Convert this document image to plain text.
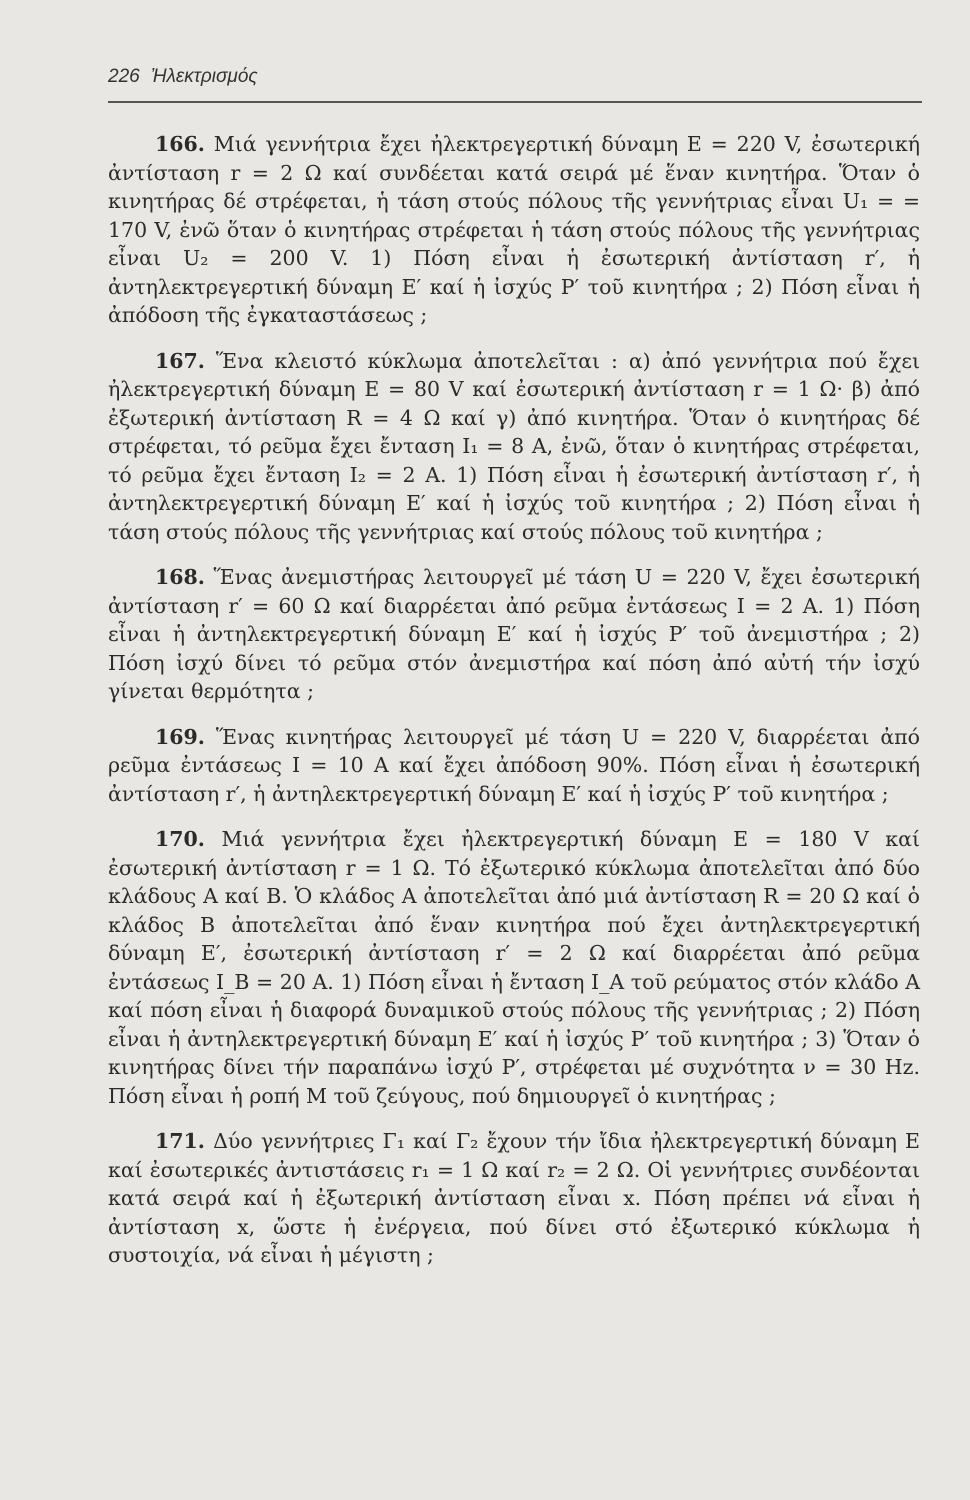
226 Ἠλεκτρισμός

166. Μιά γεννήτρια ἔχει ἠλεκτρεγερτική δύναμη E = 220 V, ἐσωτερική ἀντίσταση r = 2 Ω καί συνδέεται κατά σειρά μέ ἕναν κινητήρα. Ὅταν ὁ κινητήρας δέ στρέφεται, ἡ τάση στούς πόλους τῆς γεννήτριας εἶναι U₁ = = 170 V, ἐνῶ ὅταν ὁ κινητήρας στρέφεται ἡ τάση στούς πόλους τῆς γεννήτριας εἶναι U₂ = 200 V. 1) Πόση εἶναι ἡ ἐσωτερική ἀντίσταση r′, ἡ ἀντηλεκτρεγερτική δύναμη E′ καί ἡ ἰσχύς P′ τοῦ κινητήρα ; 2) Πόση εἶναι ἡ ἀπόδοση τῆς ἐγκαταστάσεως ;

167. Ἕνα κλειστό κύκλωμα ἀποτελεῖται : α) ἀπό γεννήτρια πού ἔχει ἠλεκτρεγερτική δύναμη E = 80 V καί ἐσωτερική ἀντίσταση r = 1 Ω· β) ἀπό ἐξωτερική ἀντίσταση R = 4 Ω καί γ) ἀπό κινητήρα. Ὅταν ὁ κινητήρας δέ στρέφεται, τό ρεῦμα ἔχει ἔνταση I₁ = 8 A, ἐνῶ, ὅταν ὁ κινητήρας στρέφεται, τό ρεῦμα ἔχει ἔνταση I₂ = 2 A. 1) Πόση εἶναι ἡ ἐσωτερική ἀντίσταση r′, ἡ ἀντηλεκτρεγερτική δύναμη E′ καί ἡ ἰσχύς τοῦ κινητήρα ; 2) Πόση εἶναι ἡ τάση στούς πόλους τῆς γεννήτριας καί στούς πόλους τοῦ κινητήρα ;

168. Ἕνας ἀνεμιστήρας λειτουργεῖ μέ τάση U = 220 V, ἔχει ἐσωτερική ἀντίσταση r′ = 60 Ω καί διαρρέεται ἀπό ρεῦμα ἐντάσεως I = 2 A. 1) Πόση εἶναι ἡ ἀντηλεκτρεγερτική δύναμη E′ καί ἡ ἰσχύς P′ τοῦ ἀνεμιστήρα ; 2) Πόση ἰσχύ δίνει τό ρεῦμα στόν ἀνεμιστήρα καί πόση ἀπό αὐτή τήν ἰσχύ γίνεται θερμότητα ;

169. Ἕνας κινητήρας λειτουργεῖ μέ τάση U = 220 V, διαρρέεται ἀπό ρεῦμα ἐντάσεως I = 10 A καί ἔχει ἀπόδοση 90%. Πόση εἶναι ἡ ἐσωτερική ἀντίσταση r′, ἡ ἀντηλεκτρεγερτική δύναμη E′ καί ἡ ἰσχύς P′ τοῦ κινητήρα ;

170. Μιά γεννήτρια ἔχει ἠλεκτρεγερτική δύναμη E = 180 V καί ἐσωτερική ἀντίσταση r = 1 Ω. Τό ἐξωτερικό κύκλωμα ἀποτελεῖται ἀπό δύο κλάδους A καί B. Ὁ κλάδος A ἀποτελεῖται ἀπό μιά ἀντίσταση R = 20 Ω καί ὁ κλάδος B ἀποτελεῖται ἀπό ἕναν κινητήρα πού ἔχει ἀντηλεκτρεγερτική δύναμη E′, ἐσωτερική ἀντίσταση r′ = 2 Ω καί διαρρέεται ἀπό ρεῦμα ἐντάσεως I_B = 20 A. 1) Πόση εἶναι ἡ ἔνταση I_A τοῦ ρεύματος στόν κλάδο A καί πόση εἶναι ἡ διαφορά δυναμικοῦ στούς πόλους τῆς γεννήτριας ; 2) Πόση εἶναι ἡ ἀντηλεκτρεγερτική δύναμη E′ καί ἡ ἰσχύς P′ τοῦ κινητήρα ; 3) Ὅταν ὁ κινητήρας δίνει τήν παραπάνω ἰσχύ P′, στρέφεται μέ συχνότητα ν = 30 Hz. Πόση εἶναι ἡ ροπή M τοῦ ζεύγους, πού δημιουργεῖ ὁ κινητήρας ;

171. Δύο γεννήτριες Γ₁ καί Γ₂ ἔχουν τήν ἴδια ἠλεκτρεγερτική δύναμη E καί ἐσωτερικές ἀντιστάσεις r₁ = 1 Ω καί r₂ = 2 Ω. Οἱ γεννήτριες συνδέονται κατά σειρά καί ἡ ἐξωτερική ἀντίσταση εἶναι x. Πόση πρέπει νά εἶναι ἡ ἀντίσταση x, ὥστε ἡ ἐνέργεια, πού δίνει στό ἐξωτερικό κύκλωμα ἡ συστοιχία, νά εἶναι ἡ μέγιστη ;
